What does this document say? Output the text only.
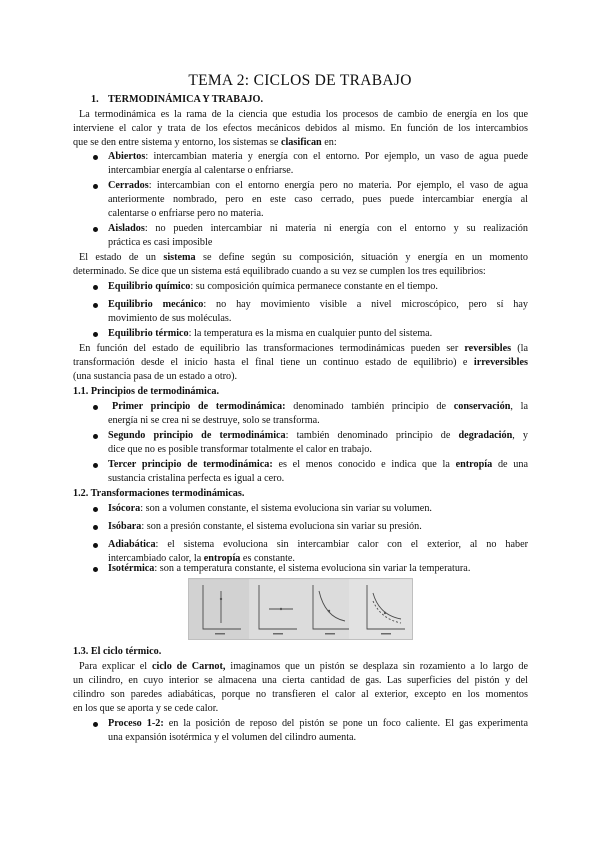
TEMA 2: CICLOS DE TRABAJO
1. TERMODINÁMICA Y TRABAJO.
La termodinámica es la rama de la ciencia que estudia los procesos de cambio de energía en los que
interviene el calor y trata de los efectos mecánicos debidos al mismo. En función de los intercambios
que se den entre sistema y entorno, los sistemas se clasifican en:
Abiertos: intercambian materia y energía con el entorno. Por ejemplo, un vaso de agua puede
intercambiar energía al calentarse o enfriarse.
Cerrados: intercambian con el entorno energía pero no materia. Por ejemplo, el vaso de agua
anteriormente nombrado, pero en este caso cerrado, pues puede intercambiar energía al
calentarse o enfriarse pero no materia.
Aislados: no pueden intercambiar ni materia ni energía con el entorno y su realización
práctica es casi imposible
El estado de un sistema se define según su composición, situación y energía en un momento
determinado. Se dice que un sistema está equilibrado cuando a su vez se cumplen los tres equilibrios:
Equilibrio químico: su composición química permanece constante en el tiempo.
Equilibrio mecánico: no hay movimiento visible a nivel microscópico, pero sí hay
movimiento de sus moléculas.
Equilibrio térmico: la temperatura es la misma en cualquier punto del sistema.
En función del estado de equilibrio las transformaciones termodinámicas pueden ser reversibles (la
transformación desde el inicio hasta el final tiene un continuo estado de equilibrio) e irreversibles
(una sustancia pasa de un estado a otro).
1.1. Principios de termodinámica.
Primer principio de termodinámica: denominado también principio de conservación, la
energía ni se crea ni se destruye, solo se transforma.
Segundo principio de termodinámica: también denominado principio de degradación, y
dice que no es posible transformar totalmente el calor en trabajo.
Tercer principio de termodinámica: es el menos conocido e indica que la entropía de una
sustancia cristalina perfecta es igual a cero.
1.2. Transformaciones termodinámicas.
Isócora: son a volumen constante, el sistema evoluciona sin variar su volumen.
Isóbara: son a presión constante, el sistema evoluciona sin variar su presión.
Adiabática: el sistema evoluciona sin intercambiar calor con el exterior, al no haber
intercambiado calor, la entropía es constante.
Isotérmica: son a temperatura constante, el sistema evoluciona sin variar la temperatura.
1.3. El ciclo térmico.
Para explicar el ciclo de Carnot, imaginamos que un pistón se desplaza sin rozamiento a lo largo de
un cilindro, en cuyo interior se almacena una cierta cantidad de gas. Las superficies del pistón y del
cilindro son paredes adiabáticas, porque no transfieren el calor al exterior, excepto en los momentos
en los que se aporta y se cede calor.
Proceso 1-2: en la posición de reposo del pistón se pone un foco caliente. El gas experimenta
una expansión isotérmica y el volumen del cilindro aumenta.
